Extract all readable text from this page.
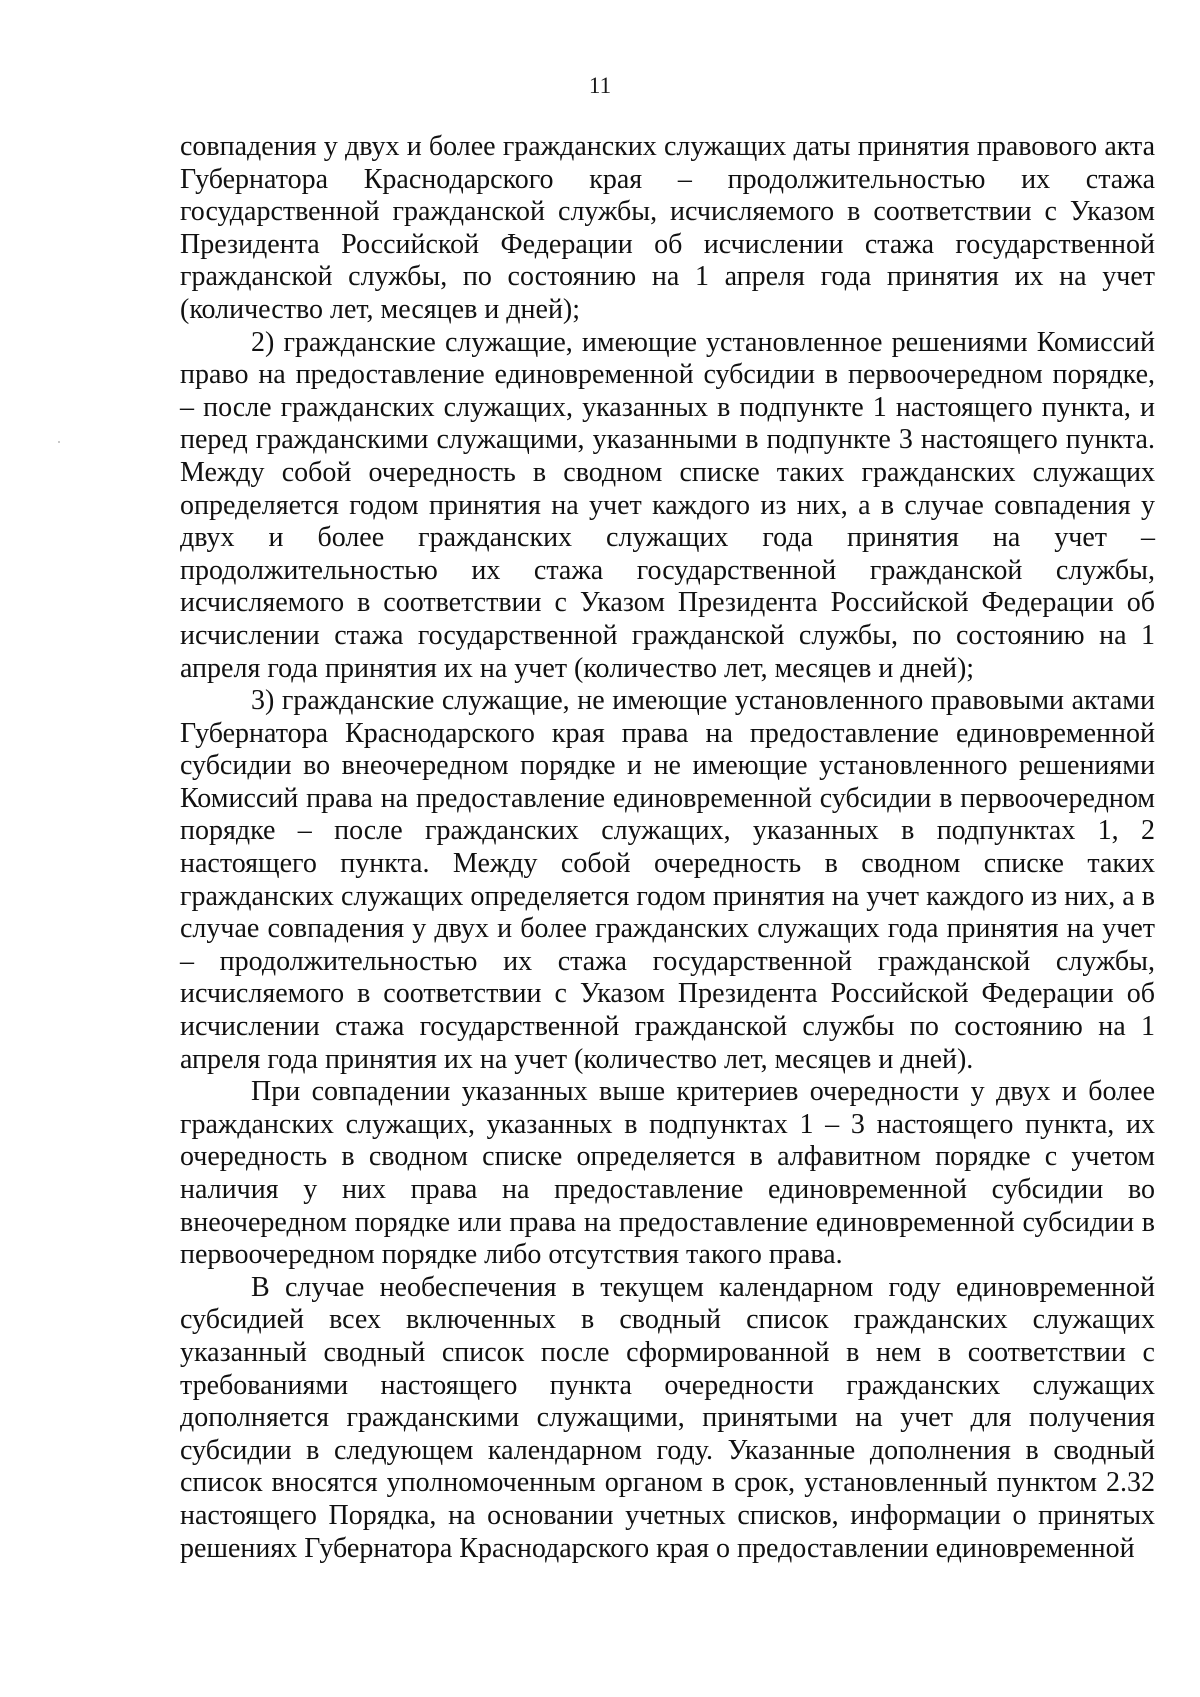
11

совпадения у двух и более гражданских служащих даты принятия правового акта Губернатора Краснодарского края – продолжительностью их стажа государственной гражданской службы, исчисляемого в соответствии с Указом Президента Российской Федерации об исчислении стажа государственной гражданской службы, по состоянию на 1 апреля года принятия их на учет (количество лет, месяцев и дней);

2) гражданские служащие, имеющие установленное решениями Комиссий право на предоставление единовременной субсидии в первоочередном порядке, – после гражданских служащих, указанных в подпункте 1 настоящего пункта, и перед гражданскими служащими, указанными в подпункте 3 настоящего пункта. Между собой очередность в сводном списке таких гражданских служащих определяется годом принятия на учет каждого из них, а в случае совпадения у двух и более гражданских служащих года принятия на учет – продолжительностью их стажа государственной гражданской службы, исчисляемого в соответствии с Указом Президента Российской Федерации об исчислении стажа государственной гражданской службы, по состоянию на 1 апреля года принятия их на учет (количество лет, месяцев и дней);

3) гражданские служащие, не имеющие установленного правовыми актами Губернатора Краснодарского края права на предоставление единовременной субсидии во внеочередном порядке и не имеющие установленного решениями Комиссий права на предоставление единовременной субсидии в первоочередном порядке – после гражданских служащих, указанных в подпунктах 1, 2 настоящего пункта. Между собой очередность в сводном списке таких гражданских служащих определяется годом принятия на учет каждого из них, а в случае совпадения у двух и более гражданских служащих года принятия на учет – продолжительностью их стажа государственной гражданской службы, исчисляемого в соответствии с Указом Президента Российской Федерации об исчислении стажа государственной гражданской службы по состоянию на 1 апреля года принятия их на учет (количество лет, месяцев и дней).

При совпадении указанных выше критериев очередности у двух и более гражданских служащих, указанных в подпунктах 1 – 3 настоящего пункта, их очередность в сводном списке определяется в алфавитном порядке с учетом наличия у них права на предоставление единовременной субсидии во внеочередном порядке или права на предоставление единовременной субсидии в первоочередном порядке либо отсутствия такого права.

В случае необеспечения в текущем календарном году единовременной субсидией всех включенных в сводный список гражданских служащих указанный сводный список после сформированной в нем в соответствии с требованиями настоящего пункта очередности гражданских служащих дополняется гражданскими служащими, принятыми на учет для получения субсидии в следующем календарном году. Указанные дополнения в сводный список вносятся уполномоченным органом в срок, установленный пунктом 2.32 настоящего Порядка, на основании учетных списков, информации о принятых решениях Губернатора Краснодарского края о предоставлении единовременной
